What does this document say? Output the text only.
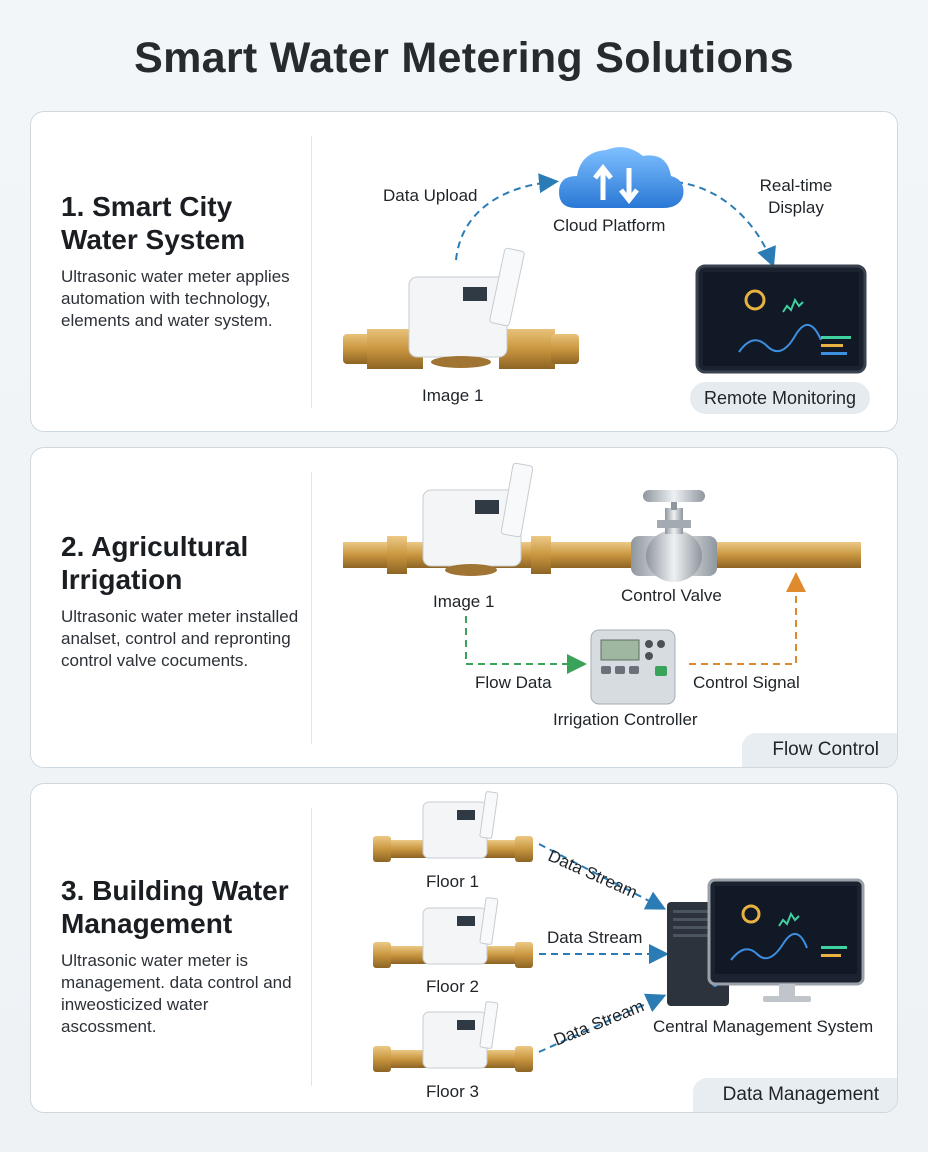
Smart Water Metering Solutions
1. Smart City Water System
Ultrasonic water meter applies automation with technology, elements and water system.
Data Upload
Cloud Platform
Real-time
Display
Image 1	Remote Monitoring
2. Agricultural Irrigation
Ultrasonic water meter installed analset, control and repronting control valve cocuments.
Image 1	Control Valve
Flow Data	Control Signal
Irrigation Controller
Flow Control
3. Building Water Management
Ultrasonic water meter is management. data control and inweosticized water ascossment.
Floor 1
Floor 2
Floor 3
Data Stream
Data Stream
Data Stream Central Management System
Data Management
